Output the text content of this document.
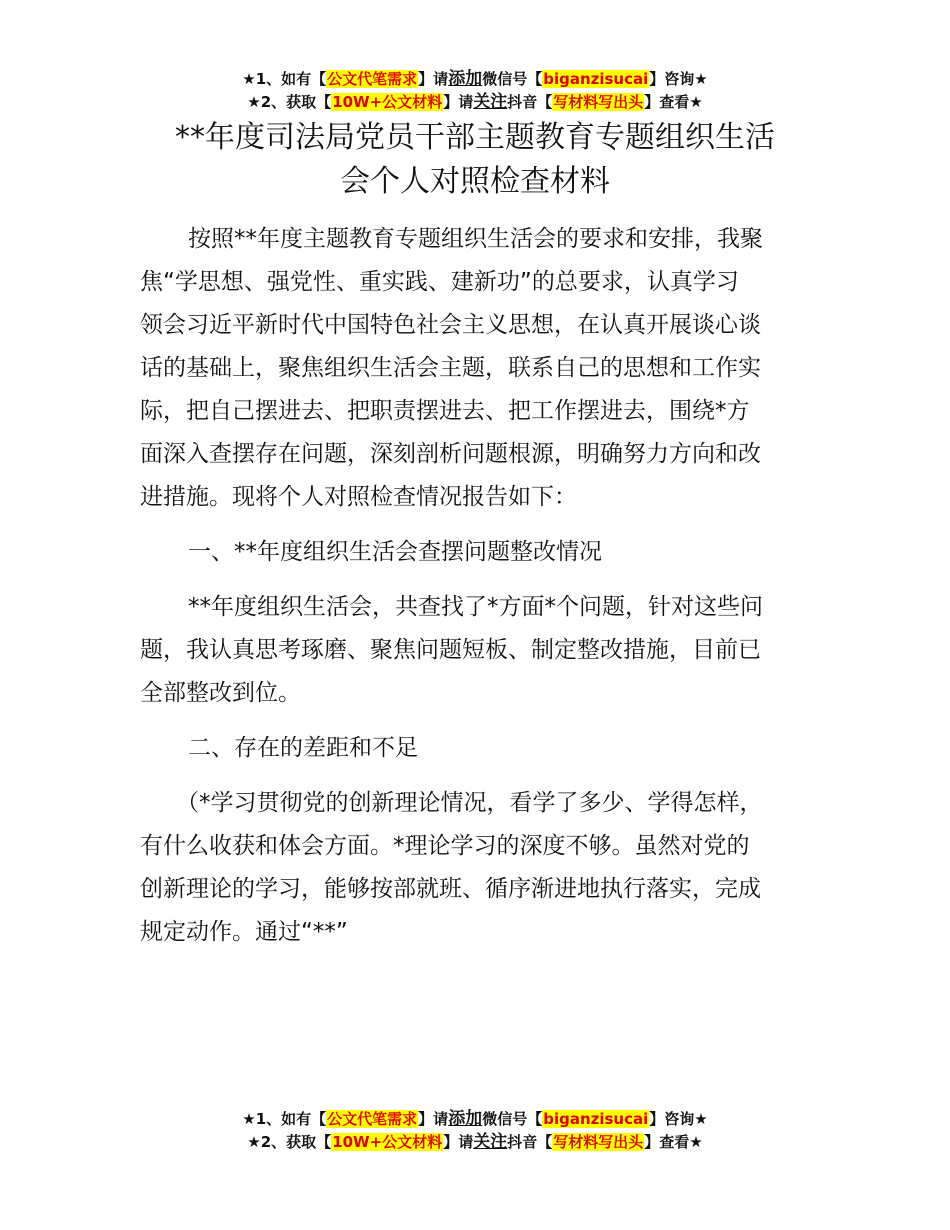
★1、如有【公文代笔需求】请添加微信号【biganzisucai】咨询★
★2、获取【10W+公文材料】请关注抖音【写材料写出头】查看★
**年度司法局党员干部主题教育专题组织生活
会个人对照检查材料
按照**年度主题教育专题组织生活会的要求和安排，我聚
焦“学思想、强党性、重实践、建新功”的总要求，认真学习
领会习近平新时代中国特色社会主义思想，在认真开展谈心谈
话的基础上，聚焦组织生活会主题，联系自己的思想和工作实
际，把自己摆进去、把职责摆进去、把工作摆进去，围绕*方
面深入查摆存在问题，深刻剖析问题根源，明确努力方向和改
进措施。现将个人对照检查情况报告如下：
一、**年度组织生活会查摆问题整改情况
**年度组织生活会，共查找了*方面*个问题，针对这些问
题，我认真思考琢磨、聚焦问题短板、制定整改措施，目前已
全部整改到位。
二、存在的差距和不足
（*学习贯彻党的创新理论情况，看学了多少、学得怎样，
有什么收获和体会方面。*理论学习的深度不够。虽然对党的
创新理论的学习，能够按部就班、循序渐进地执行落实，完成
规定动作。通过“**”
★1、如有【公文代笔需求】请添加微信号【biganzisucai】咨询★
★2、获取【10W+公文材料】请关注抖音【写材料写出头】查看★
